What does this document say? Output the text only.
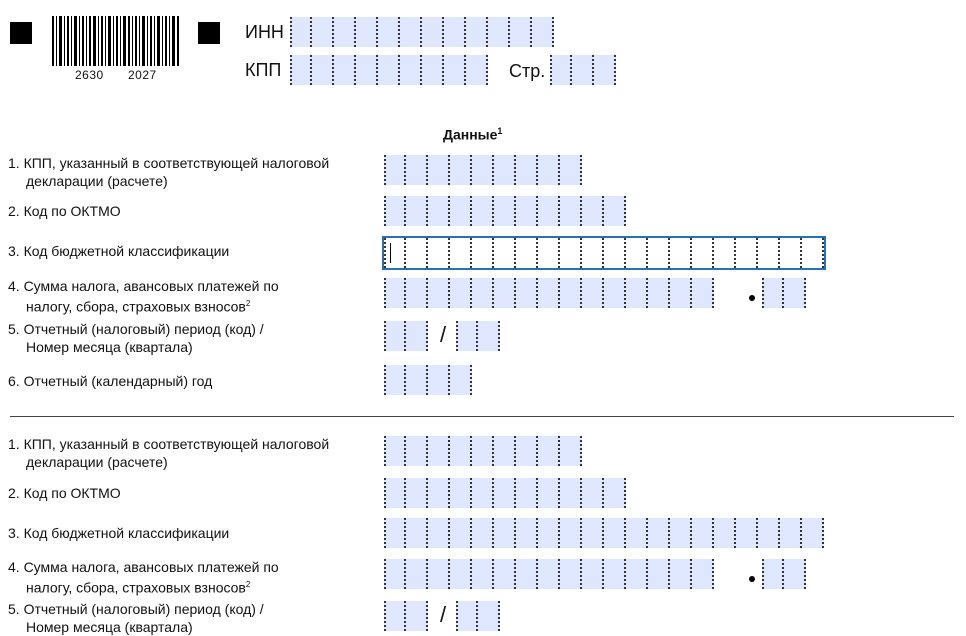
2630 2027
ИНН
КПП	Стр.
Данные$^1$
1. КПП, указанный в соответствующей налоговой
декларации (расчете)
2. Код по ОКТМО
3. Код бюджетной классификации
4. Сумма налога, авансовых платежей по
налогу, сбора, страховых взносов$^2$
5. Отчетный (налоговый) период (код) /
Номер месяца (квартала)	/
6. Отчетный (календарный) год
1. КПП, указанный в соответствующей налоговой
декларации (расчете)
2. Код по ОКТМО
3. Код бюджетной классификации
4. Сумма налога, авансовых платежей по
налогу, сбора, страховых взносов$^2$
5. Отчетный (налоговый) период (код) /
Номер месяца (квартала)	/
